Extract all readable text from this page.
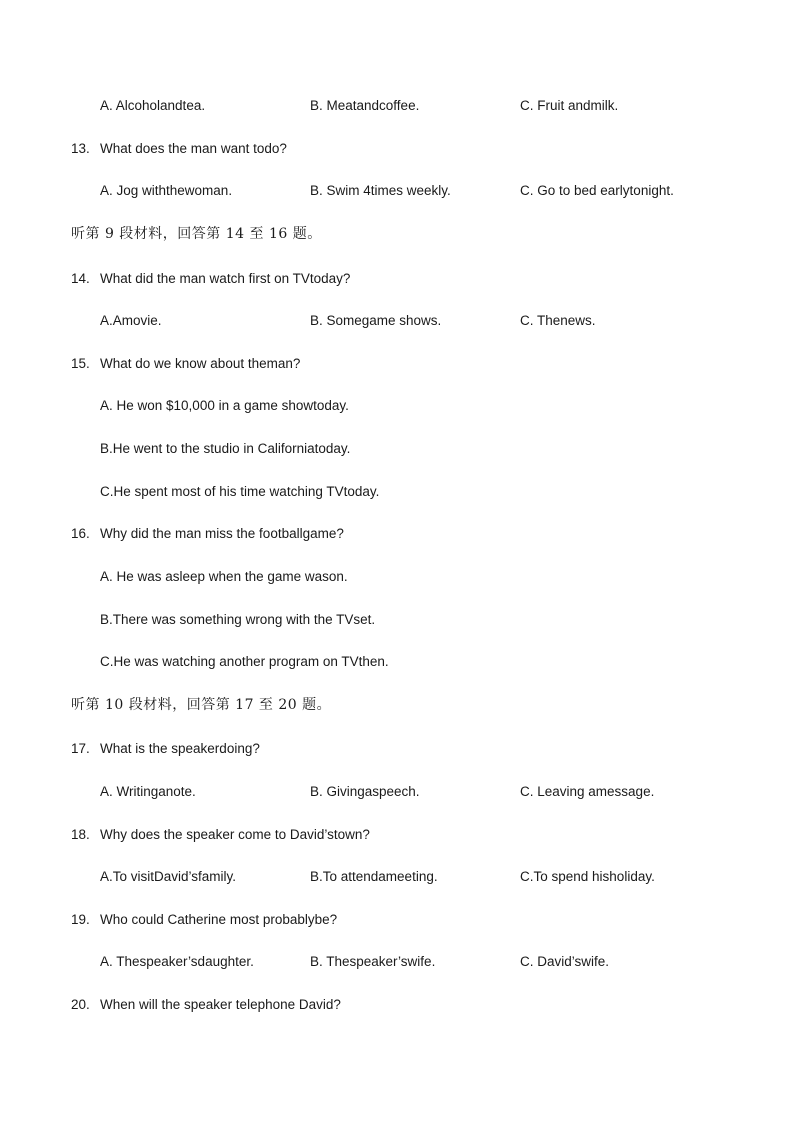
A. Alcoholandtea.	B. Meatandcoffee.	C. Fruit andmilk.
13. What does the man want todo?
A. Jog withthewoman.	B. Swim 4times weekly.	C. Go to bed earlytonight.
听第 9 段材料，回答第 14 至 16 题。
14. What did the man watch first on TVtoday?
A.Amovie.	B. Somegame shows.	C. Thenews.
15. What do we know about theman?
A. He won $10,000 in a game showtoday.
B.He went to the studio in Californiatoday.
C.He spent most of his time watching TVtoday.
16. Why did the man miss the footballgame?
A. He was asleep when the game wason.
B.There was something wrong with the TVset.
C.He was watching another program on TVthen.
听第 10 段材料，回答第 17 至 20 题。
17. What is the speakerdoing?
A. Writinganote.	B. Givingaspeech.	C. Leaving amessage.
18. Why does the speaker come to David’stown?
A.To visitDavid’sfamily.	B.To attendameeting.	C.To spend hisholiday.
19. Who could Catherine most probablybe?
A. Thespeaker’sdaughter.	B. Thespeaker’swife.	C. David’swife.
20. When will the speaker telephone David?
